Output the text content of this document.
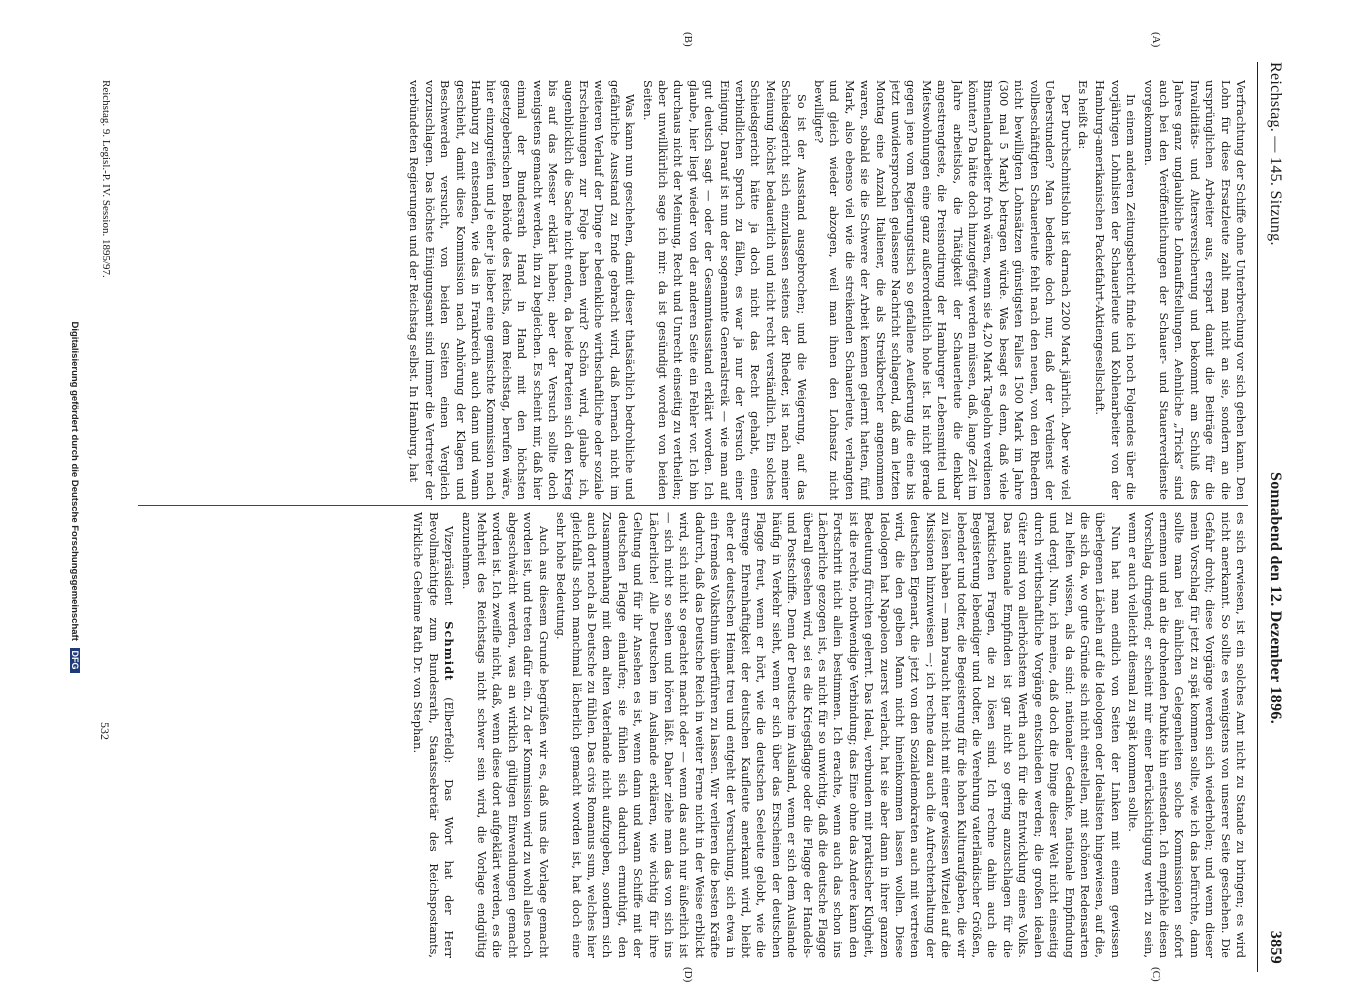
Reichstag. — 145. Sitzung.
Sonnabend den 12. Dezember 1896.
3859
(A)
(B)
(C)
(D)

Verfrachtung der Schiffe ohne Unterbrechung vor sich gehen kann. Den Lohn für diese Ersatzleute zahlt man nicht an sie, sondern an die ursprünglichen Arbeiter aus, erspart damit die Beiträge für die Invaliditäts- und Altersversicherung und bekommt am Schluß des Jahres ganz unglaubliche Lohnauffstellungen. Aehnliche „Tricks“ sind auch bei den Veröffentlichungen der Schauer- und Stauerverdienste vorgekommen.

In einem anderen Zeitungsbericht finde ich noch Folgendes über die vorjährigen Lohnlisten der Schauerleute und Kohlenarbeiter von der Hamburg-amerikanischen Packetfahrt-Aktiengesellschaft.

Es heißt da:

Der Durchschnittslohn ist darnach 2200 Mark jährlich. Aber wie viel Ueberstunden? Man bedenke doch nur, daß der Verdienst der vollbeschäftigten Schauerleute fehlt nach den neuen, von den Rhedern nicht bewilligten Lohnsätzen günstigsten Falles 1500 Mark im Jahre (300 mal 5 Mark) betragen würde. Was besagt es denn, daß viele Binnenlandarbeiter froh wären, wenn sie 4,20 Mark Tagelohn verdienen könnten? Da hätte doch hinzugefügt werden müssen, daß, lange Zeit im Jahre arbeitslos, die Thätigkeit der Schauerleute die denkbar angestrengteste, die Preisnotirung der Hamburger Lebensmittel und Mietswohnungen eine ganz außerordentlich hohe ist. Ist nicht gerade gegen jene vom Regierungstisch so gefallene Aeußerung die eine bis jetzt unwidersprochen gelassene Nachricht schlagend, daß am letzten Montag eine Anzahl Italiener, die als Streikbrecher angenommen waren, sobald sie die Schwere der Arbeit kennen gelernt hatten, fünf Mark, also ebenso viel wie die streikenden Schauerleute, verlangten und gleich wieder abzogen, weil man ihnen den Lohnsatz nicht bewilligte?

So ist der Ausstand ausgebrochen; und die Weigerung, auf das Schiedsgericht sich einzulassen seitens der Rheder, ist nach meiner Meinung höchst bedauerlich und nicht recht verständlich. Ein solches Schiedsgericht hätte ja doch nicht das Recht gehabt, einen verbindlichen Spruch zu fällen, es war ja nur der Versuch einer Einigung. Darauf ist nun der sogenannte Generalstreik — wie man auf gut deutsch sagt — oder der Gesammtausstand erklärt worden. Ich glaube, hier liegt wieder von der anderen Seite ein Fehler vor. Ich bin durchaus nicht der Meinung, Recht und Unrecht einseitig zu vertheilen; aber unwillkürlich sage ich mir: da ist gesündigt worden von beiden Seiten.

Was kann nun geschehen, damit dieser thatsächlich bedrohliche und gefährliche Ausstand zu Ende gebracht wird, daß hernach nicht im weiteren Verlauf der Dinge er bedenkliche wirthschaftliche oder soziale Erscheinungen zur Folge haben wird? Schön wird, glaube ich, augenblicklich die Sache nicht enden, da beide Parteien sich den Krieg bis auf das Messer erklärt haben; aber der Versuch sollte doch wenigstens gemacht werden, ihn zu begleichen. Es scheint mir, daß hier einmal der Bundesrath Hand in Hand mit den höchsten gesetzgeberischen Behörde des Reichs, dem Reichstag, berufen wäre, hier einzugreifen und je eher je lieber eine gemischte Kommission nach Hamburg zu entsenden, wie das in Frankreich auch dann und wann geschieht, damit diese Kommission nach Anhörung der Klagen und Beschwerden versucht, von beiden Seiten einen Vergleich vorzuschlagen. Das höchste Einigungsamt sind immer die Vertreter der verbündeten Regierungen und der Reichstag selbst. In Hamburg, hat

es sich erwiesen, ist ein solches Amt nicht zu Stande zu bringen; es wird nicht anerkannt. So sollte es wenigstens von unserer Seite geschehen. Die Gefahr droht; diese Vorgänge werden sich wiederholen; und wenn dieser mein Vorschlag für jetzt zu spät kommen sollte, wie ich das befürchte, dann sollte man bei ähnlichen Gelegenheiten solche Kommissionen sofort ernennen und an die drohenden Punkte hin entsenden. Ich empfehle diesen Vorschlag dringend; er scheint mir einer Berücksichtigung werth zu sein, wenn er auch vielleicht diesmal zu spät kommen sollte.

Nun hat man endlich von Seiten der Linken mit einem gewissen überlegenen Lächeln auf die Ideologen oder Idealisten hingewiesen, auf die, die sich da, wo gute Gründe sich nicht einstellen, mit schönen Redensarten zu helfen wissen, als da sind: nationaler Gedanke, nationale Empfindung und dergl. Nun, ich meine, daß doch die Dinge dieser Welt nicht einseitig durch wirthschaftliche Vorgänge entschieden werden; die großen idealen Güter sind von allerhöchstem Werth auch für die Entwicklung eines Volks. Das nationale Empfinden ist gar nicht so gering anzuschlagen für die praktischen Fragen, die zu lösen sind. Ich rechne dahin auch die Begeisterung lebendiger und todter, die Verehrung vaterländischer Größen, lebender und todter, die Begeisterung für die hohen Kulturaufgaben, die wir zu lösen haben — man braucht hier nicht mit einer gewissen Witzelei auf die Missionen hinzuweisen —; ich rechne dazu auch die Aufrechterhaltung der deutschen Eigenart, die jetzt von den Sozialdemokraten auch mit vertreten wird, die den gelben Mann nicht hineinkommen lassen wollen. Diese Ideologen hat Napoleon zuerst verlacht, hat sie aber dann in ihrer ganzen Bedeutung fürchten gelernt. Das Ideal, verbunden mit praktischer Klugheit, ist die rechte, nothwendige Verbindung; das Eine ohne das Andere kann den Fortschritt nicht allein bestimmen. Ich erachte, wenn auch das schon ins Lächerliche gezogen ist, es nicht für so unwichtig, daß die deutsche Flagge überall gesehen wird, sei es die Kriegsflagge oder die Flagge der Handels- und Postschiffe. Denn der Deutsche im Ausland, wenn er sich dem Auslande häufig in Verkehr sieht, wenn er sich über das Erscheinen der deutschen Flagge freut, wenn er hört, wie die deutschen Seeleute gelobt, wie die strenge Ehrenhaftigkeit der deutschen Kaufleute anerkannt wird, bleibt eher der deutschen Heimat treu und entgeht der Versuchung, sich etwa in ein fremdes Volksthum überführen zu lassen. Wir verlieren die besten Kräfte dadurch, daß das Deutsche Reich in weiter Ferne nicht in der Weise erblickt wird, sich nicht so geachtet macht oder — wenn das auch nur äußerlich ist — sich nicht so sehen und hören läßt. Daher ziehe man das von sich ins Lächerliche! Alle Deutschen im Auslande erklären, wie wichtig für ihre Geltung und für ihr Ansehen es ist, wenn dann und wann Schiffe mit der deutschen Flagge einlaufen; sie fühlen sich dadurch ermuthigt, den Zusammenhang mit dem alten Vaterlande nicht aufzugeben, sondern sich auch dort noch als Deutsche zu fühlen. Das civis Romanus sum, welches hier gleichfalls schon manchmal lächerlich gemacht worden ist, hat doch eine sehr hohe Bedeutung.

Auch aus diesem Grunde begrüßen wir es, daß uns die Vorlage gemacht worden ist, und treten dafür ein. Zu der Kommission wird zu wohl alles noch abgeschwächt werden, was an wirklich gültigen Einwendungen gemacht worden ist. Ich zweifle nicht, daß, wenn diese dort aufgeklärt werden, es die Mehrheit des Reichstags nicht schwer sein wird, die Vorlage endgültig anzunehmen.

Vizepräsident Schmidt (Elberfeld): Das Wort hat der Herr Bevollmächtigte zum Bundesrath, Staatssekretär des Reichspostamts, Wirkliche Geheime Rath Dr. von Stephan.

Reichstag. 9. Legisl.-P. IV. Session. 1895/97.
532
Digitalisierung gefördert durch die Deutsche Forschungsgemeinschaft DFG
